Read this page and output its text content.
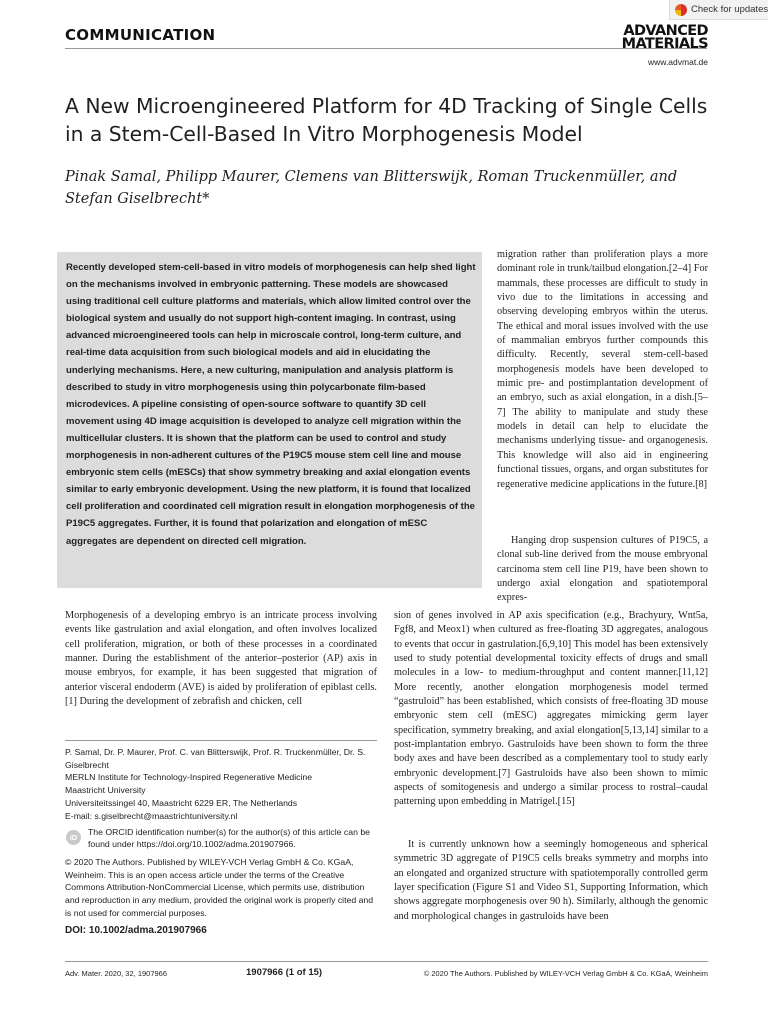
COMMUNICATION
Check for updates
ADVANCED
MATERIALS
www.advmat.de
A New Microengineered Platform for 4D Tracking of Single Cells in a Stem-Cell-Based In Vitro Morphogenesis Model
Pinak Samal, Philipp Maurer, Clemens van Blitterswijk, Roman Truckenmüller, and Stefan Giselbrecht*

Recently developed stem-cell-based in vitro models of morphogenesis can help shed light on the mechanisms involved in embryonic patterning. These models are showcased using traditional cell culture platforms and materials, which allow limited control over the biological system and usually do not support high-content imaging. In contrast, using advanced microengineered tools can help in microscale control, long-term culture, and real-time data acquisition from such biological models and aid in elucidating the underlying mechanisms. Here, a new culturing, manipulation and analysis platform is described to study in vitro morphogenesis using thin polycarbonate film-based microdevices. A pipeline consisting of open-source software to quantify 3D cell movement using 4D image acquisition is developed to analyze cell migration within the multicellular clusters. It is shown that the platform can be used to control and study morphogenesis in non-adherent cultures of the P19C5 mouse stem cell line and mouse embryonic stem cells (mESCs) that show symmetry breaking and axial elongation events similar to early embryonic development. Using the new platform, it is found that localized cell proliferation and coordinated cell migration result in elongation morphogenesis of the P19C5 aggregates. Further, it is found that polarization and elongation of mESC aggregates are dependent on directed cell migration.

migration rather than proliferation plays a more dominant role in trunk/tailbud elongation.[2–4] For mammals, these processes are difficult to study in vivo due to the limitations in accessing and observing developing embryos within the uterus. The ethical and moral issues involved with the use of mammalian embryos further compounds this difficulty. Recently, several stem-cell-based morphogenesis models have been developed to mimic pre- and postimplantation development of an embryo, such as axial elongation, in a dish.[5–7] The ability to manipulate and study these models in detail can help to elucidate the mechanisms underlying tissue- and organogenesis. This knowledge will also aid in engineering functional tissues, organs, and organ substitutes for regenerative medicine applications in the future.[8]

Hanging drop suspension cultures of P19C5, a clonal sub-line derived from the mouse embryonal carcinoma stem cell line P19, have been shown to undergo axial elongation and spatiotemporal expres-

Morphogenesis of a developing embryo is an intricate process involving events like gastrulation and axial elongation, and often involves localized cell proliferation, migration, or both of these processes in a coordinated manner. During the establishment of the anterior–posterior (AP) axis in mouse embryos, for example, it has been suggested that migration of anterior visceral endoderm (AVE) is aided by proliferation of epiblast cells.[1] During the development of zebrafish and chicken, cell

sion of genes involved in AP axis specification (e.g., Brachyury, Wnt5a, Fgf8, and Meox1) when cultured as free-floating 3D aggregates, analogous to events that occur in gastrulation.[6,9,10] This model has been extensively used to study potential developmental toxicity effects of drugs and small molecules in a low- to medium-throughput and content manner.[11,12] More recently, another elongation morphogenesis model termed “gastruloid” has been established, which consists of free-floating 3D mouse embryonic stem cell (mESC) aggregates mimicking germ layer specification, symmetry breaking, and axial elongation[5,13,14] similar to a post-implantation embryo. Gastruloids have been shown to form the three body axes and have been described as a complementary tool to study early embryonic development.[7] Gastruloids have also been shown to mimic aspects of somitogenesis and undergo a similar process to rostral–caudal patterning upon embedding in Matrigel.[15]

It is currently unknown how a seemingly homogeneous and spherical symmetric 3D aggregate of P19C5 cells breaks symmetry and morphs into an elongated and organized structure with spatiotemporally controlled germ layer specification (Figure S1 and Video S1, Supporting Information, which shows aggregate morphogenesis over 90 h). Similarly, although the genomic and morphological changes in gastruloids have been

P. Samal, Dr. P. Maurer, Prof. C. van Blitterswijk, Prof. R. Truckenmüller, Dr. S. Giselbrecht
MERLN Institute for Technology-Inspired Regenerative Medicine
Maastricht University
Universiteitssingel 40, Maastricht 6229 ER, The Netherlands
E-mail: s.giselbrecht@maastrichtuniversity.nl

iD

The ORCID identification number(s) for the author(s) of this article can be found under https://doi.org/10.1002/adma.201907966.

© 2020 The Authors. Published by WILEY-VCH Verlag GmbH & Co. KGaA, Weinheim. This is an open access article under the terms of the Creative Commons Attribution-NonCommercial License, which permits use, distribution and reproduction in any medium, provided the original work is properly cited and is not used for commercial purposes.

DOI: 10.1002/adma.201907966
Adv. Mater. 2020, 32, 1907966	1907966 (1 of 15)	© 2020 The Authors. Published by WILEY-VCH Verlag GmbH & Co. KGaA, Weinheim
